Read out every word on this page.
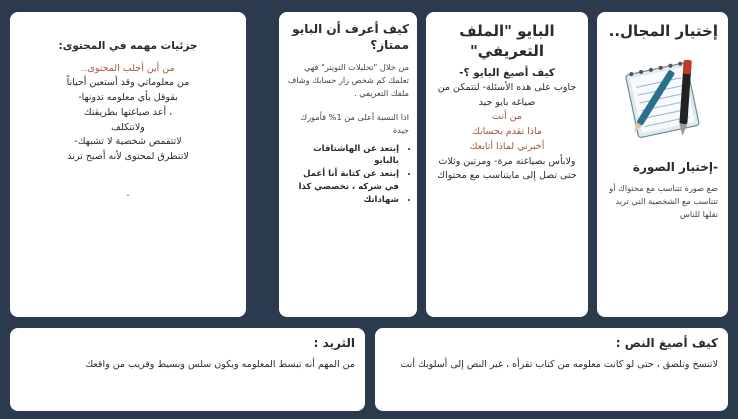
إختيار المجال..
-إختيار الصورة

ضع صورة تتناسب مع محتواك أو تتناسب مع الشخصية التي تريد نقلها للناس

البايو "الملف التعريفي"
كيف أصيغ البايو ؟-

جاوب على هذه الأسئلة- لتتمكن من صياغه بايو جيد

من أنت

ماذا تقدم بحسابك

أخبرني لماذا أتابعك

ولابأس بصياغته مرة- ومرتين وثلاث حتى تصل إلى مايتناسب مع محتواك

كيف أعرف أن البايو ممتاز؟

من خلال "تحليلات التويتر" فهي تعلمك كم شخص زار حسابك وشاف ملفك التعريفي .

اذا النسبة أعلى من 1% فأمورك جيدة

• إبتعد عن الهاشتاقات بالبايو
• إبتعد عن كتابة أنا أعمل في شركه ، تخصصي كذا
• شهاداتك
جزئيات مهمه في المحتوى:

من أين أجلب المحتوى..

من معلوماتي وقد أستعين أحياناً

بقوقل بأي معلومه تدونها-

، أعد صياغتها بطريقتك

ولاتتكلف

لاتتقمص شخصية لا تشبهك-

لاتتطرق لمحتوى لأنه أصبح ترند

.

كيف أصيغ النص :

لاتنسخ وتلصق ، حتى لو كانت معلومه من كتاب تقرأه ، غير النص إلى أسلوبك أنت

الثريد :

من المهم أنه تبسط المعلومه ويكون سلس وبسيط وقريب من واقعك
